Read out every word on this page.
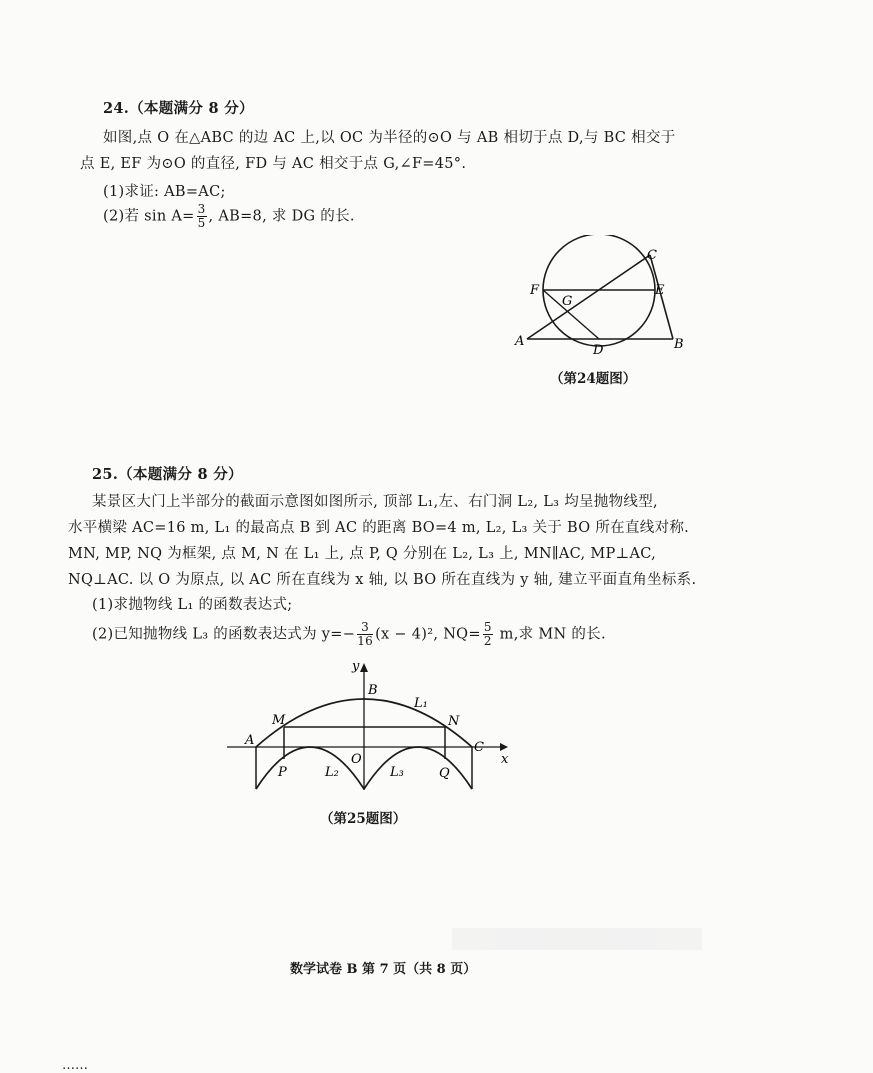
24.（本题满分 8 分）
如图,点 O 在△ABC 的边 AC 上,以 OC 为半径的⊙O 与 AB 相切于点 D,与 BC 相交于
点 E, EF 为⊙O 的直径, FD 与 AC 相交于点 G,∠F=45°.
(1)求证: AB=AC;
(2)若 $\sin A= \frac{3}{5}$ , AB=8, 求 DG 的长.
A	B
C
D
E
F
G
（第24题图）
25.（本题满分 8 分）
某景区大门上半部分的截面示意图如图所示, 顶部 L₁,左、右门洞 L₂, L₃ 均呈抛物线型,
水平横梁 AC=16 m, L₁ 的最高点 B 到 AC 的距离 BO=4 m, L₂, L₃ 关于 BO 所在直线对称.
MN, MP, NQ 为框架, 点 M, N 在 L₁ 上, 点 P, Q 分别在 L₂, L₃ 上, MN∥AC, MP⊥AC,
NQ⊥AC. 以 O 为原点, 以 AC 所在直线为 x 轴, 以 BO 所在直线为 y 轴, 建立平面直角坐标系.
(1)求抛物线 L₁ 的函数表达式;
(2)已知抛物线 L₃ 的函数表达式为 $y=- \frac{3}{16} (x - 4)^2$, $NQ= \frac{5}{2} m$,求 MN 的长.
y
x
B
L₁
M	N
A	C
P	Q
O
L₂	L₃
（第25题图）
数学试卷 B 第 7 页（共 8 页）
……
